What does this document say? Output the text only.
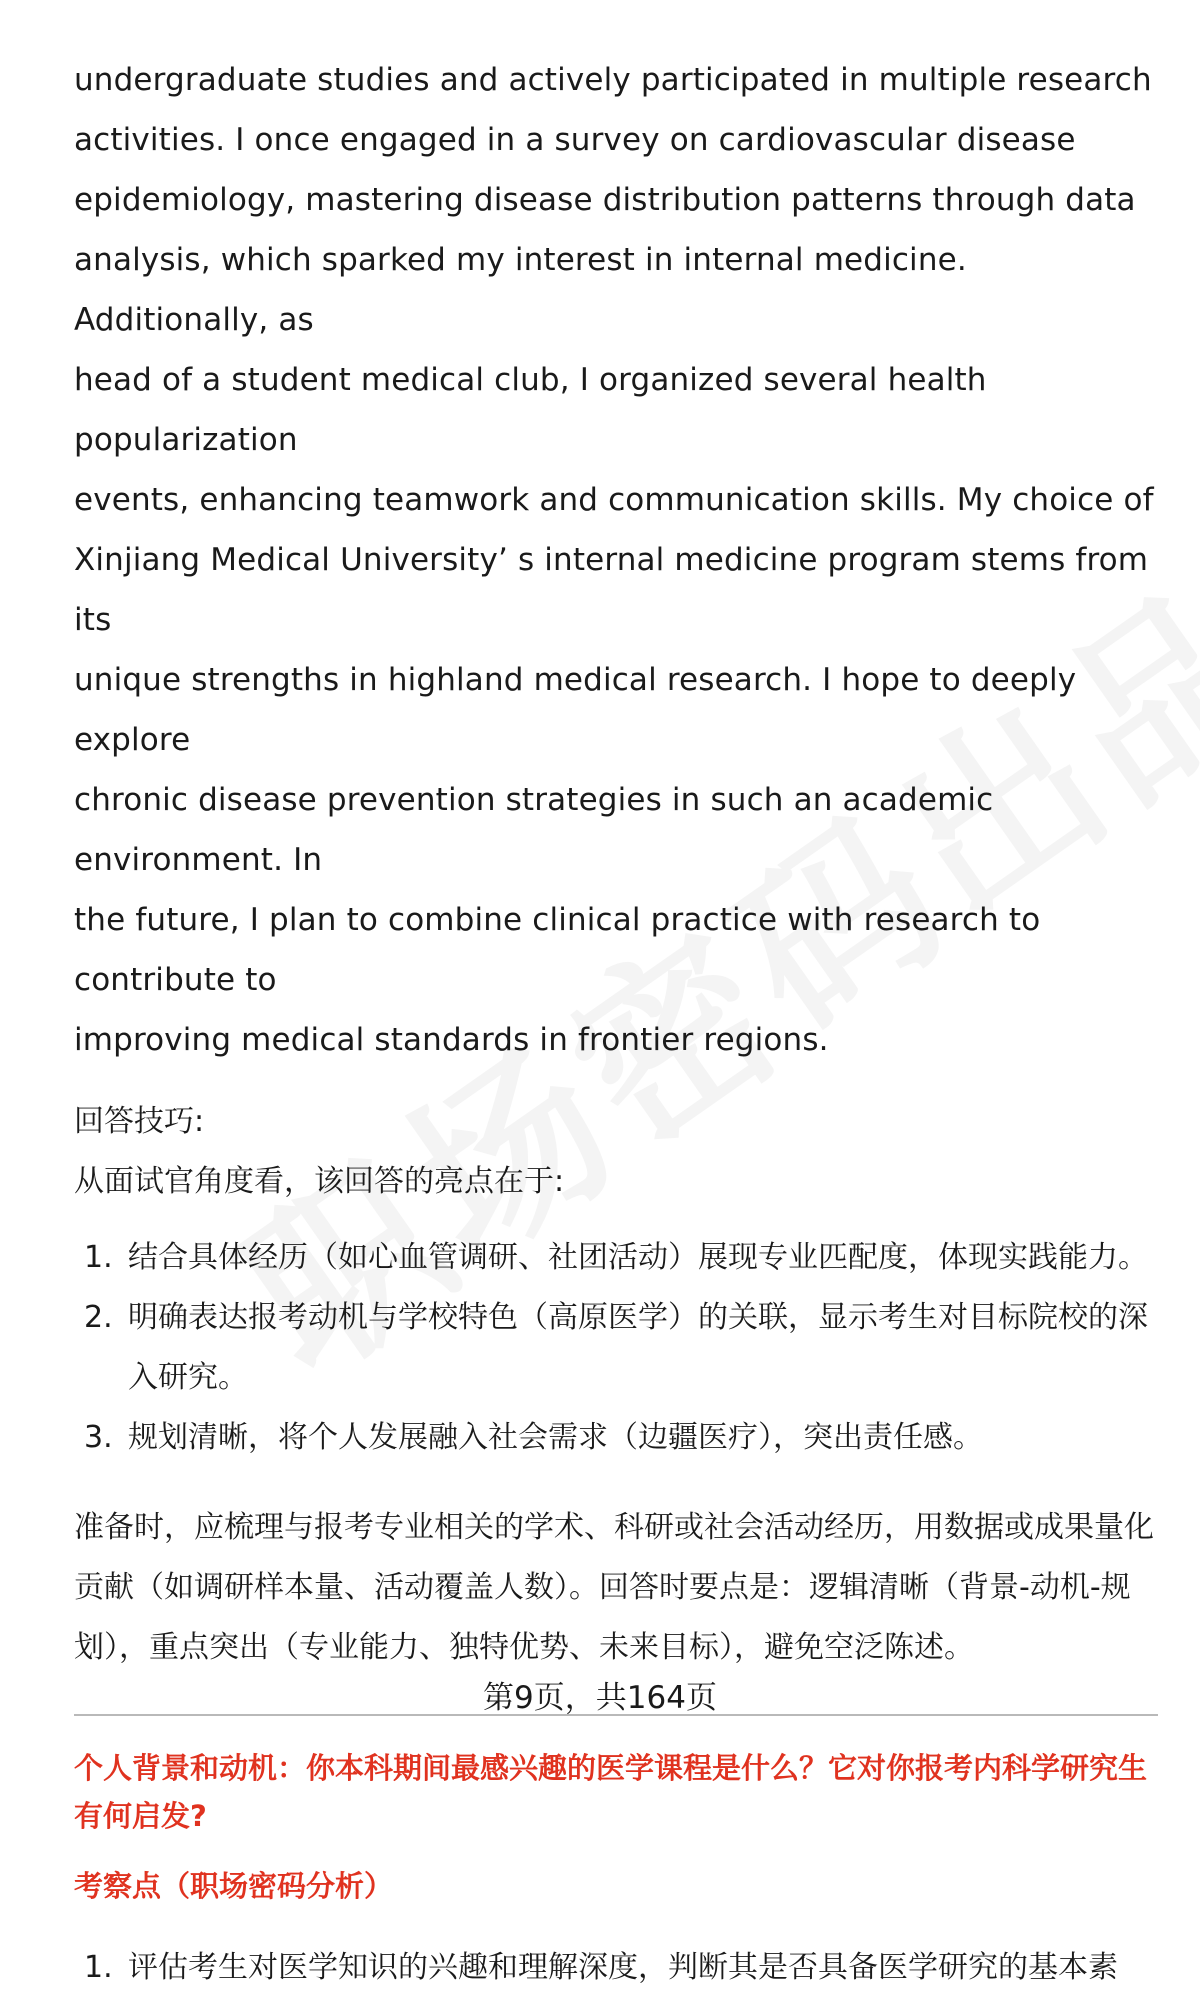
undergraduate studies and actively participated in multiple research

activities. I once engaged in a survey on cardiovascular disease

epidemiology, mastering disease distribution patterns through data

analysis, which sparked my interest in internal medicine. Additionally, as

head of a student medical club, I organized several health popularization

events, enhancing teamwork and communication skills. My choice of

Xinjiang Medical University’ s internal medicine program stems from its

unique strengths in highland medical research. I hope to deeply explore

chronic disease prevention strategies in such an academic environment. In

the future, I plan to combine clinical practice with research to contribute to

improving medical standards in frontier regions.

回答技巧:
从面试官角度看，该回答的亮点在于:
1. 结合具体经历（如心血管调研、社团活动）展现专业匹配度，体现实践能力。
2. 明确表达报考动机与学校特色（高原医学）的关联，显示考生对目标院校的深入研究。
3. 规划清晰，将个人发展融入社会需求（边疆医疗），突出责任感。
准备时，应梳理与报考专业相关的学术、科研或社会活动经历，用数据或成果量化贡献（如调研样本量、活动覆盖人数）。回答时要点是：逻辑清晰（背景-动机-规划），重点突出（专业能力、独特优势、未来目标），避免空泛陈述。
个人背景和动机：你本科期间最感兴趣的医学课程是什么？它对你报考内科学研究生有何启发?
考察点（职场密码分析）
1. 评估考生对医学知识的兴趣和理解深度，判断其是否具备医学研究的基本素
第9页，共164页
